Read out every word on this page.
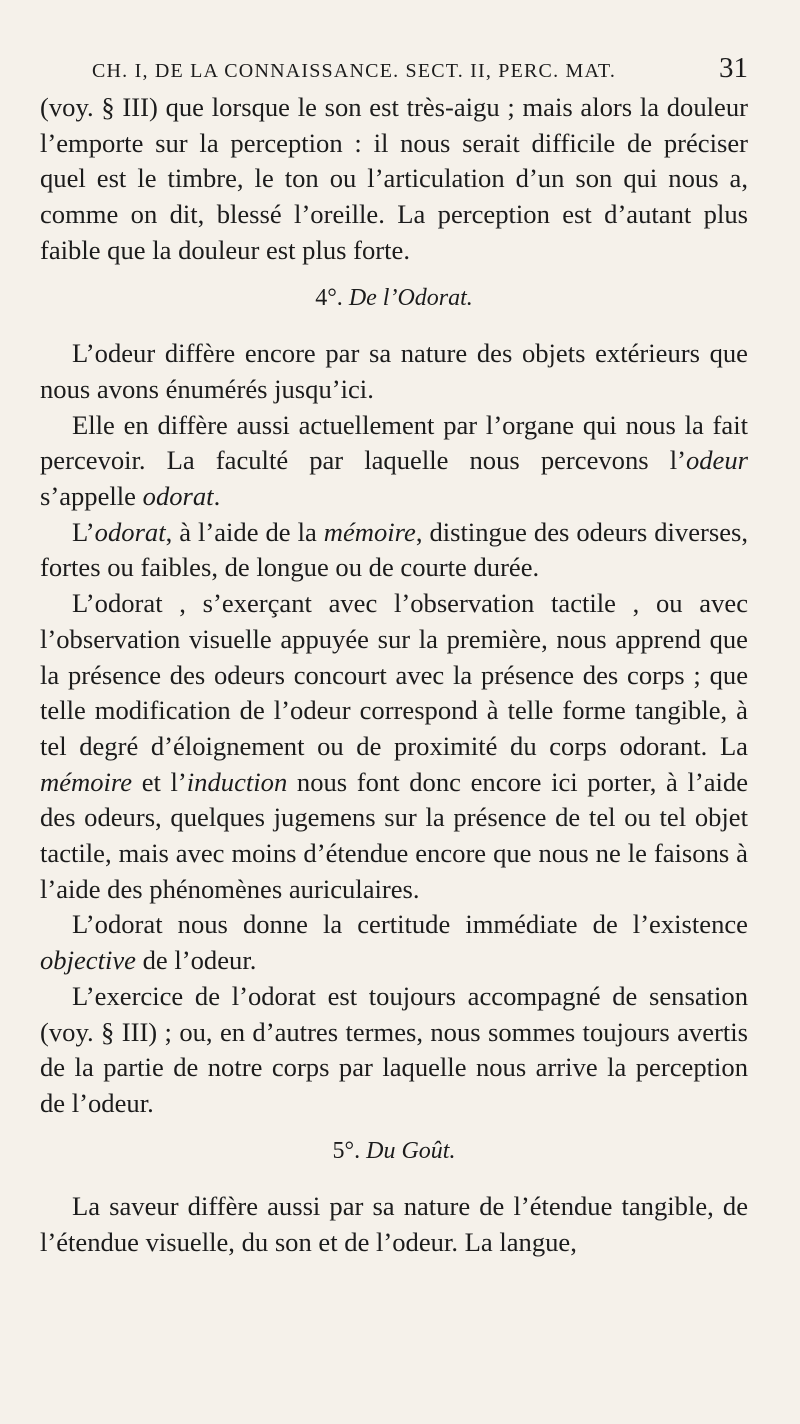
CH. I, DE LA CONNAISSANCE. SECT. II, PERC. MAT.	31

(voy. § III) que lorsque le son est très-aigu ; mais alors la douleur l’emporte sur la perception : il nous serait difficile de préciser quel est le timbre, le ton ou l’articulation d’un son qui nous a, comme on dit, blessé l’oreille. La perception est d’autant plus faible que la douleur est plus forte.

4°. De l’Odorat.

L’odeur diffère encore par sa nature des objets extérieurs que nous avons énumérés jusqu’ici.

Elle en diffère aussi actuellement par l’organe qui nous la fait percevoir. La faculté par laquelle nous percevons l’odeur s’appelle odorat.

L’odorat, à l’aide de la mémoire, distingue des odeurs diverses, fortes ou faibles, de longue ou de courte durée.

L’odorat , s’exerçant avec l’observation tactile , ou avec l’observation visuelle appuyée sur la première, nous apprend que la présence des odeurs concourt avec la présence des corps ; que telle modification de l’odeur correspond à telle forme tangible, à tel degré d’éloignement ou de proximité du corps odorant. La mémoire et l’induction nous font donc encore ici porter, à l’aide des odeurs, quelques jugemens sur la présence de tel ou tel objet tactile, mais avec moins d’étendue encore que nous ne le faisons à l’aide des phénomènes auriculaires.

L’odorat nous donne la certitude immédiate de l’existence objective de l’odeur.

L’exercice de l’odorat est toujours accompagné de sensation (voy. § III) ; ou, en d’autres termes, nous sommes toujours avertis de la partie de notre corps par laquelle nous arrive la perception de l’odeur.

5°. Du Goût.

La saveur diffère aussi par sa nature de l’étendue tangible, de l’étendue visuelle, du son et de l’odeur. La langue,
